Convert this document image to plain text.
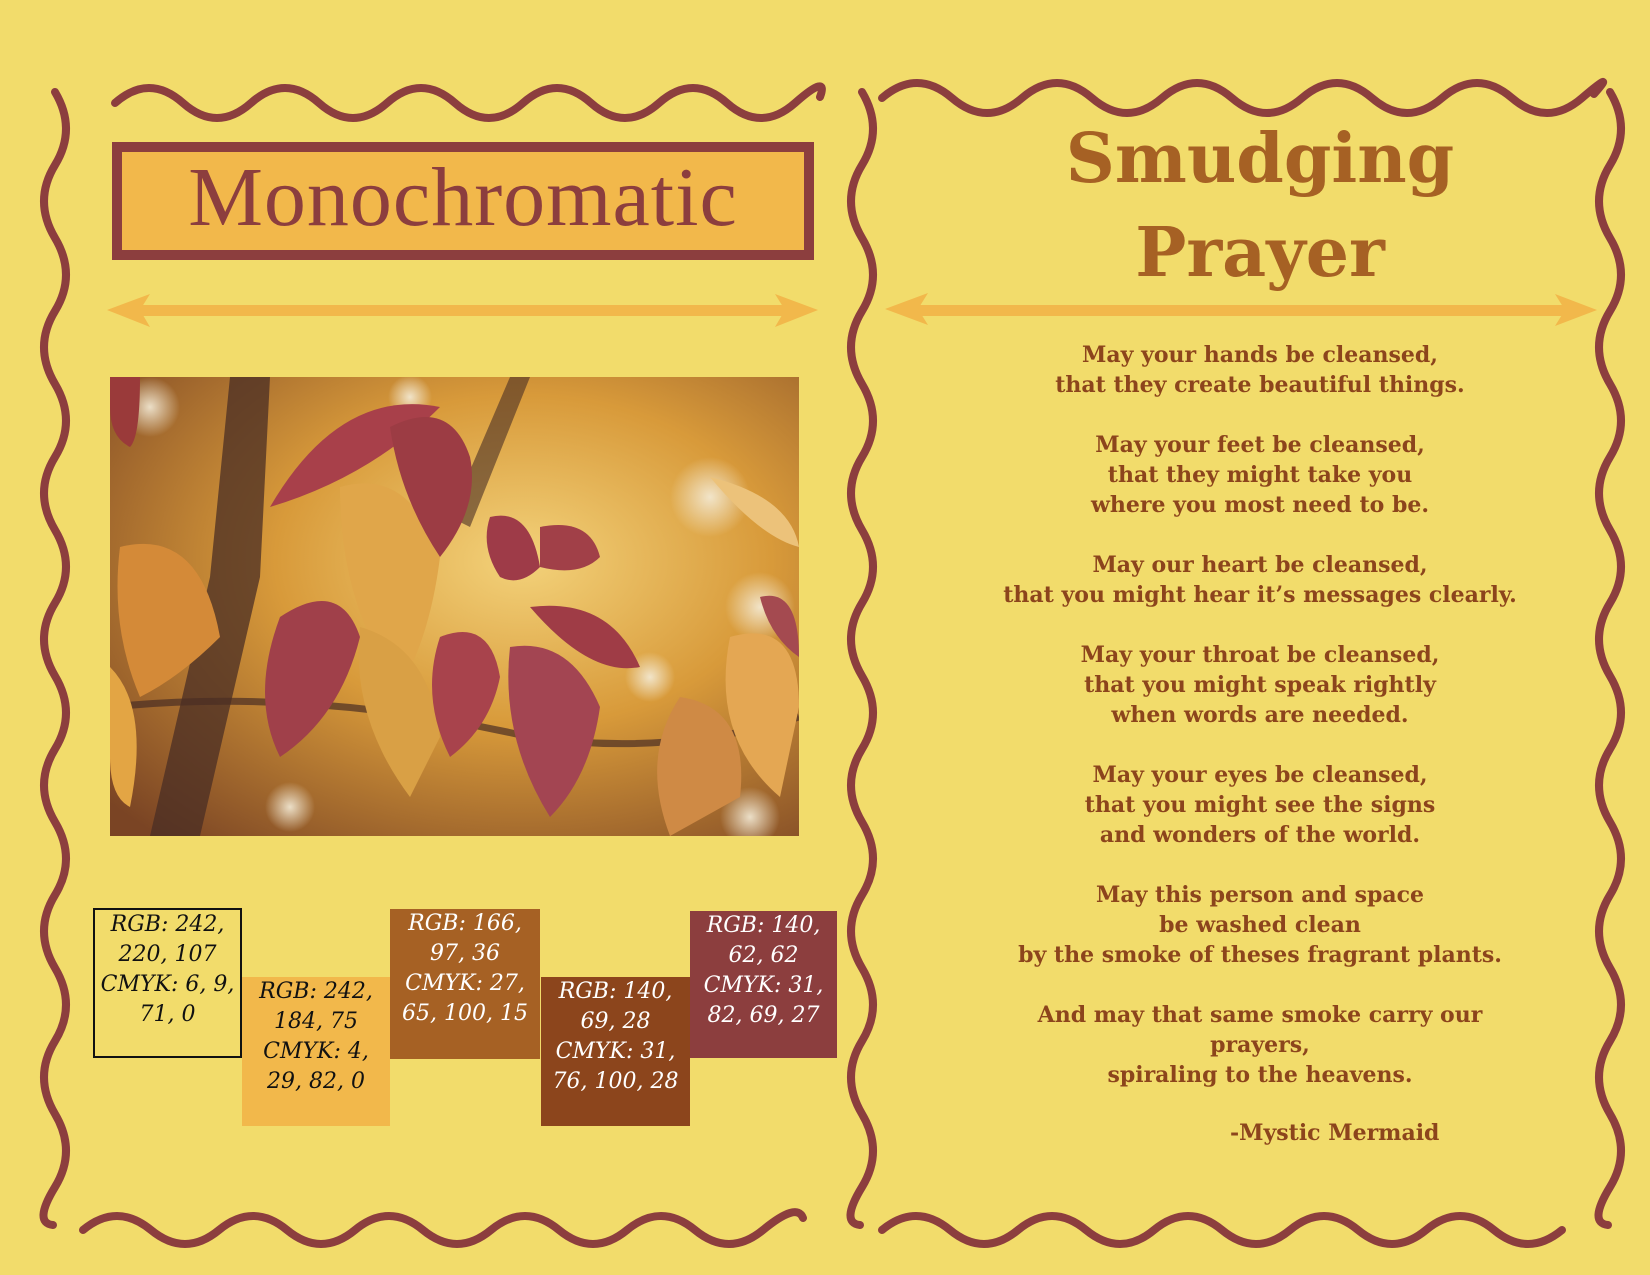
Monochromatic
RGB: 242,
220, 107
CMYK: 6, 9,
71, 0
RGB: 242,
184, 75
CMYK: 4,
29, 82, 0
RGB: 166,
97, 36
CMYK: 27,
65, 100, 15
RGB: 140,
69, 28
CMYK: 31,
76, 100, 28
RGB: 140,
62, 62
CMYK: 31,
82, 69, 27
Smudging
Prayer
May your hands be cleansed,
that they create beautiful things.
May your feet be cleansed,
that they might take you
where you most need to be.
May our heart be cleansed,
that you might hear it’s messages clearly.
May your throat be cleansed,
that you might speak rightly
when words are needed.
May your eyes be cleansed,
that you might see the signs
and wonders of the world.
May this person and space
be washed clean
by the smoke of theses fragrant plants.
And may that same smoke carry our
prayers,
spiraling to the heavens.
-Mystic Mermaid
